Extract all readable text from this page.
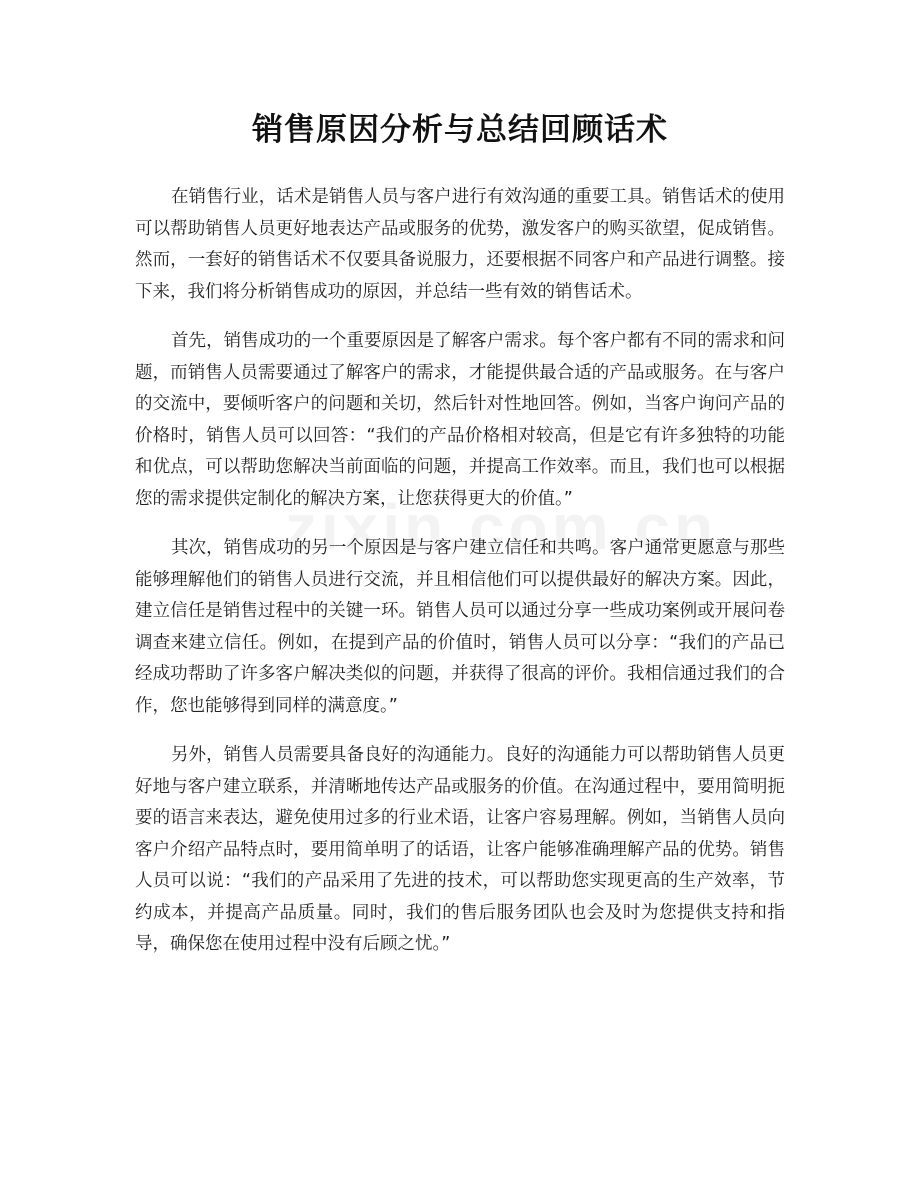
销售原因分析与总结回顾话术

在销售行业，话术是销售人员与客户进行有效沟通的重要工具。销售话术的使用可以帮助销售人员更好地表达产品或服务的优势，激发客户的购买欲望，促成销售。然而，一套好的销售话术不仅要具备说服力，还要根据不同客户和产品进行调整。接下来，我们将分析销售成功的原因，并总结一些有效的销售话术。

首先，销售成功的一个重要原因是了解客户需求。每个客户都有不同的需求和问题，而销售人员需要通过了解客户的需求，才能提供最合适的产品或服务。在与客户的交流中，要倾听客户的问题和关切，然后针对性地回答。例如，当客户询问产品的价格时，销售人员可以回答：“我们的产品价格相对较高，但是它有许多独特的功能和优点，可以帮助您解决当前面临的问题，并提高工作效率。而且，我们也可以根据您的需求提供定制化的解决方案，让您获得更大的价值。”

其次，销售成功的另一个原因是与客户建立信任和共鸣。客户通常更愿意与那些能够理解他们的销售人员进行交流，并且相信他们可以提供最好的解决方案。因此，建立信任是销售过程中的关键一环。销售人员可以通过分享一些成功案例或开展问卷调查来建立信任。例如，在提到产品的价值时，销售人员可以分享：“我们的产品已经成功帮助了许多客户解决类似的问题，并获得了很高的评价。我相信通过我们的合作，您也能够得到同样的满意度。”

另外，销售人员需要具备良好的沟通能力。良好的沟通能力可以帮助销售人员更好地与客户建立联系，并清晰地传达产品或服务的价值。在沟通过程中，要用简明扼要的语言来表达，避免使用过多的行业术语，让客户容易理解。例如，当销售人员向客户介绍产品特点时，要用简单明了的话语，让客户能够准确理解产品的优势。销售人员可以说：“我们的产品采用了先进的技术，可以帮助您实现更高的生产效率，节约成本，并提高产品质量。同时，我们的售后服务团队也会及时为您提供支持和指导，确保您在使用过程中没有后顾之忧。”
